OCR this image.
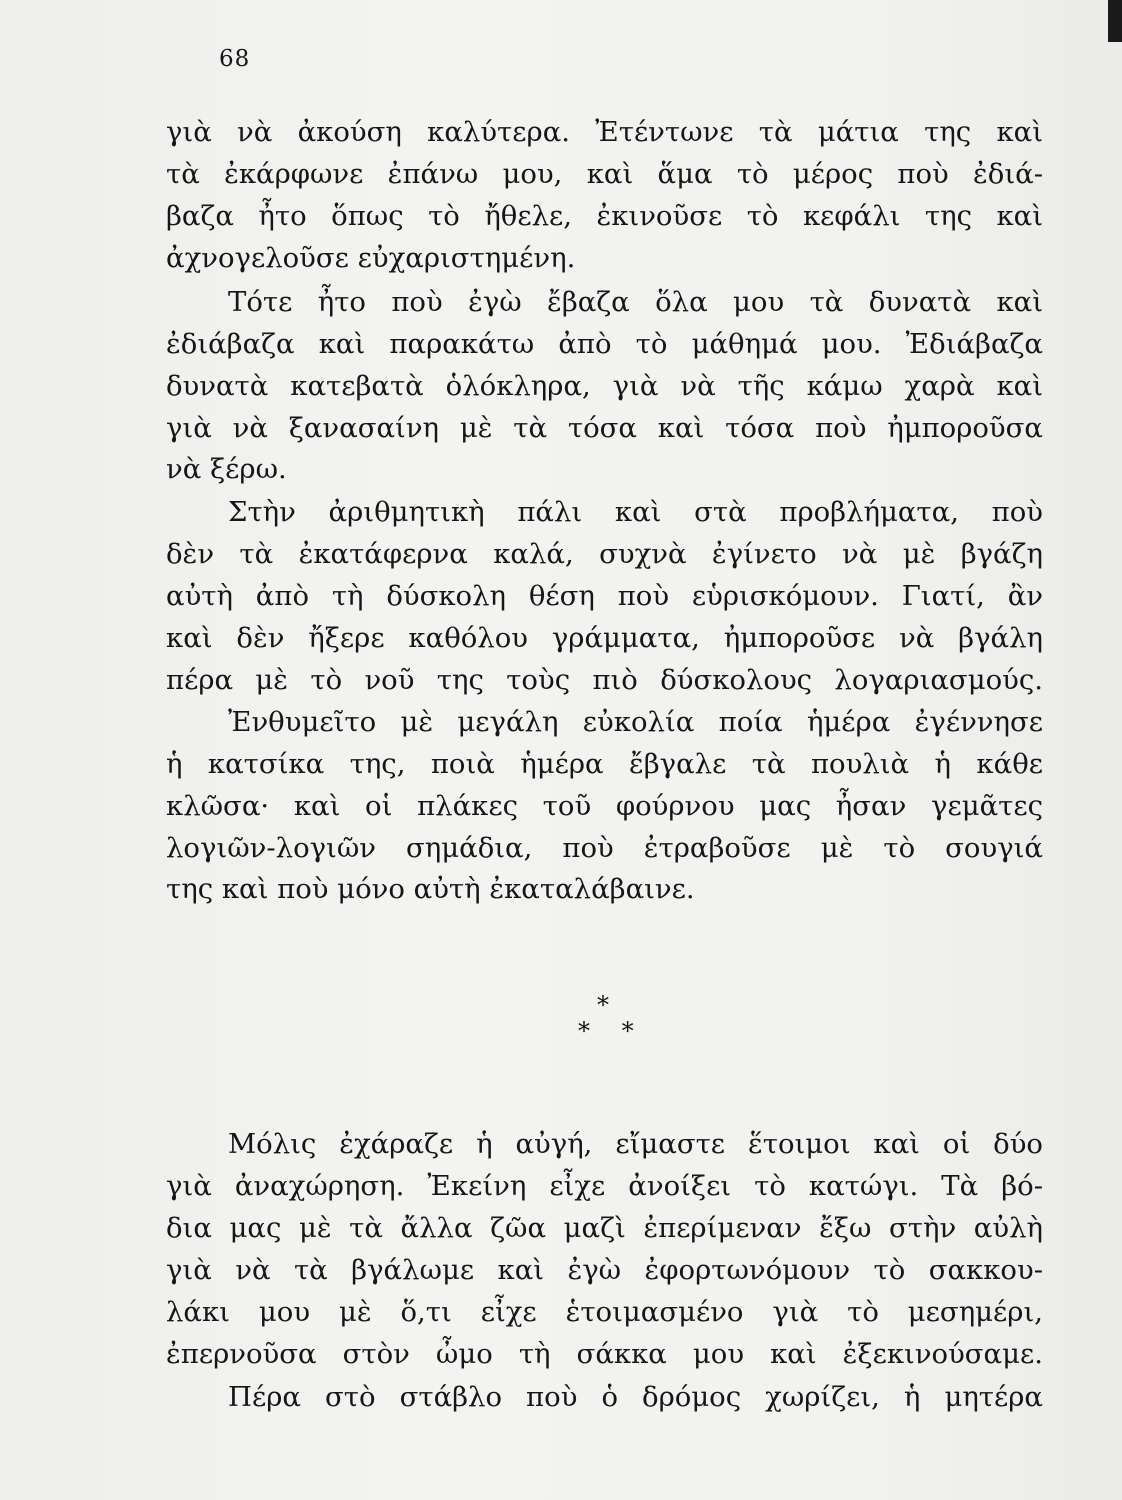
68
γιὰ νὰ ἀκούση καλύτερα. Ἐτέντωνε τὰ μάτια της καὶ
τὰ ἐκάρφωνε ἐπάνω μου, καὶ ἅμα τὸ μέρος ποὺ ἐδιά-
βαζα ἦτο ὅπως τὸ ἤθελε, ἐκινοῦσε τὸ κεφάλι της καὶ
ἀχνογελοῦσε εὐχαριστημένη.
Τότε ἦτο ποὺ ἐγὼ ἔβαζα ὅλα μου τὰ δυνατὰ καὶ
ἐδιάβαζα καὶ παρακάτω ἀπὸ τὸ μάθημά μου. Ἐδιάβαζα
δυνατὰ κατεβατὰ ὁλόκληρα, γιὰ νὰ τῆς κάμω χαρὰ καὶ
γιὰ νὰ ξανασαίνη μὲ τὰ τόσα καὶ τόσα ποὺ ἠμποροῦσα
νὰ ξέρω.
Στὴν ἀριθμητικὴ πάλι καὶ στὰ προβλήματα, ποὺ
δὲν τὰ ἐκατάφερνα καλά, συχνὰ ἐγίνετο νὰ μὲ βγάζη
αὐτὴ ἀπὸ τὴ δύσκολη θέση ποὺ εὑρισκόμουν. Γιατί, ἂν
καὶ δὲν ἤξερε καθόλου γράμματα, ἠμποροῦσε νὰ βγάλη
πέρα μὲ τὸ νοῦ της τοὺς πιὸ δύσκολους λογαριασμούς.
Ἐνθυμεῖτο μὲ μεγάλη εὐκολία ποία ἡμέρα ἐγέννησε
ἡ κατσίκα της, ποιὰ ἡμέρα ἔβγαλε τὰ πουλιὰ ἡ κάθε
κλῶσα· καὶ οἱ πλάκες τοῦ φούρνου μας ἦσαν γεμᾶτες
λογιῶν-λογιῶν σημάδια, ποὺ ἐτραβοῦσε μὲ τὸ σουγιά
της καὶ ποὺ μόνο αὐτὴ ἐκαταλάβαινε.
*
* *
Μόλις ἐχάραζε ἡ αὐγή, εἴμαστε ἕτοιμοι καὶ οἱ δύο
γιὰ ἀναχώρηση. Ἐκείνη εἶχε ἀνοίξει τὸ κατώγι. Τὰ βό-
δια μας μὲ τὰ ἄλλα ζῶα μαζὶ ἐπερίμεναν ἔξω στὴν αὐλὴ
γιὰ νὰ τὰ βγάλωμε καὶ ἐγὼ ἐφορτωνόμουν τὸ σακκου-
λάκι μου μὲ ὅ,τι εἶχε ἑτοιμασμένο γιὰ τὸ μεσημέρι,
ἐπερνοῦσα στὸν ὦμο τὴ σάκκα μου καὶ ἐξεκινούσαμε.
Πέρα στὸ στάβλο ποὺ ὁ δρόμος χωρίζει, ἡ μητέρα
